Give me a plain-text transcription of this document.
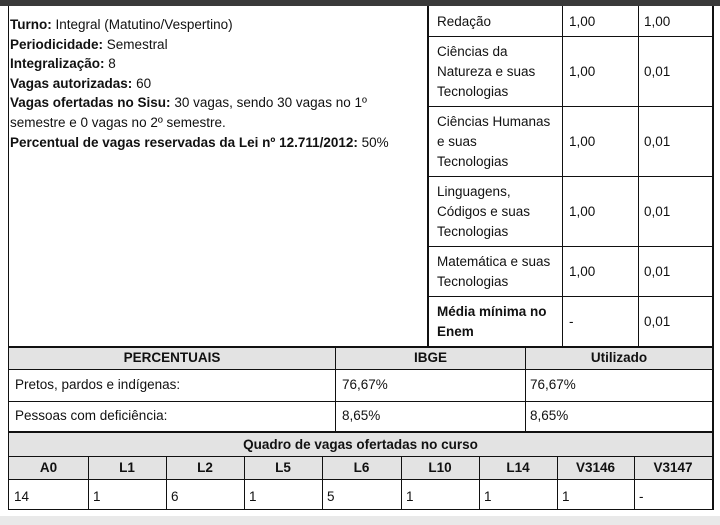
Turno: Integral (Matutino/Vespertino)
Periodicidade: Semestral
Integralização: 8
Vagas autorizadas: 60
Vagas ofertadas no Sisu: 30 vagas, sendo 30 vagas no 1º
semestre e 0 vagas no 2º semestre.
Percentual de vagas reservadas da Lei nº 12.711/2012: 50%
Redação	1,00	1,00
Ciências da
Natureza e suas
Tecnologias
1,00	0,01
Ciências Humanas
e suas
Tecnologias
1,00	0,01
Linguagens,
Códigos e suas
Tecnologias
1,00	0,01
Matemática e suas
Tecnologias
1,00	0,01
Média mínima no
Enem
-	0,01
PERCENTUAIS	IBGE	Utilizado
Pretos, pardos e indígenas:	76,67%	76,67%
Pessoas com deficiência:	8,65%	8,65%
Quadro de vagas ofertadas no curso
A0	L1	L2	L5	L6	L10	L14	V3146	V3147
14	1	6	1	5	1	1	1	-
